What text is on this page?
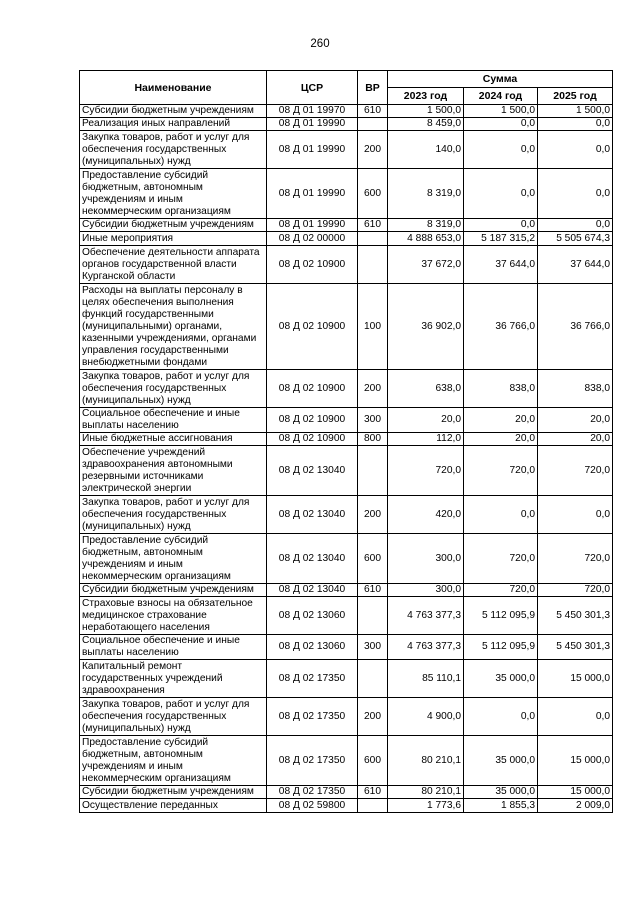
260
Наименование	ЦСР	ВР	Сумма		
			2023 год	2024 год	2025 год
Субсидии бюджетным учреждениям	08 Д 01 19970	610	1 500,0	1 500,0	1 500,0
Реализация иных направлений	08 Д 01 19990		8 459,0	0,0	0,0
Закупка товаров, работ и услуг для обеспечения государственных (муниципальных) нужд	08 Д 01 19990	200	140,0	0,0	0,0
Предоставление субсидий бюджетным, автономным учреждениям и иным некоммерческим организациям	08 Д 01 19990	600	8 319,0	0,0	0,0
Субсидии бюджетным учреждениям	08 Д 01 19990	610	8 319,0	0,0	0,0
Иные мероприятия	08 Д 02 00000		4 888 653,0	5 187 315,2	5 505 674,3
Обеспечение деятельности аппарата органов государственной власти Курганской области	08 Д 02 10900		37 672,0	37 644,0	37 644,0
Расходы на выплаты персоналу в целях обеспечения выполнения функций государственными (муниципальными) органами, казенными учреждениями, органами управления государственными внебюджетными фондами	08 Д 02 10900	100	36 902,0	36 766,0	36 766,0
Закупка товаров, работ и услуг для обеспечения государственных (муниципальных) нужд	08 Д 02 10900	200	638,0	838,0	838,0
Социальное обеспечение и иные выплаты населению	08 Д 02 10900	300	20,0	20,0	20,0
Иные бюджетные ассигнования	08 Д 02 10900	800	112,0	20,0	20,0
Обеспечение учреждений здравоохранения автономными резервными источниками электрической энергии	08 Д 02 13040		720,0	720,0	720,0
Закупка товаров, работ и услуг для обеспечения государственных (муниципальных) нужд	08 Д 02 13040	200	420,0	0,0	0,0
Предоставление субсидий бюджетным, автономным учреждениям и иным некоммерческим организациям	08 Д 02 13040	600	300,0	720,0	720,0
Субсидии бюджетным учреждениям	08 Д 02 13040	610	300,0	720,0	720,0
Страховые взносы на обязательное медицинское страхование неработающего населения	08 Д 02 13060		4 763 377,3	5 112 095,9	5 450 301,3
Социальное обеспечение и иные выплаты населению	08 Д 02 13060	300	4 763 377,3	5 112 095,9	5 450 301,3
Капитальный ремонт государственных учреждений здравоохранения	08 Д 02 17350		85 110,1	35 000,0	15 000,0
Закупка товаров, работ и услуг для обеспечения государственных (муниципальных) нужд	08 Д 02 17350	200	4 900,0	0,0	0,0
Предоставление субсидий бюджетным, автономным учреждениям и иным некоммерческим организациям	08 Д 02 17350	600	80 210,1	35 000,0	15 000,0
Субсидии бюджетным учреждениям	08 Д 02 17350	610	80 210,1	35 000,0	15 000,0
Осуществление переданных	08 Д 02 59800		1 773,6	1 855,3	2 009,0
